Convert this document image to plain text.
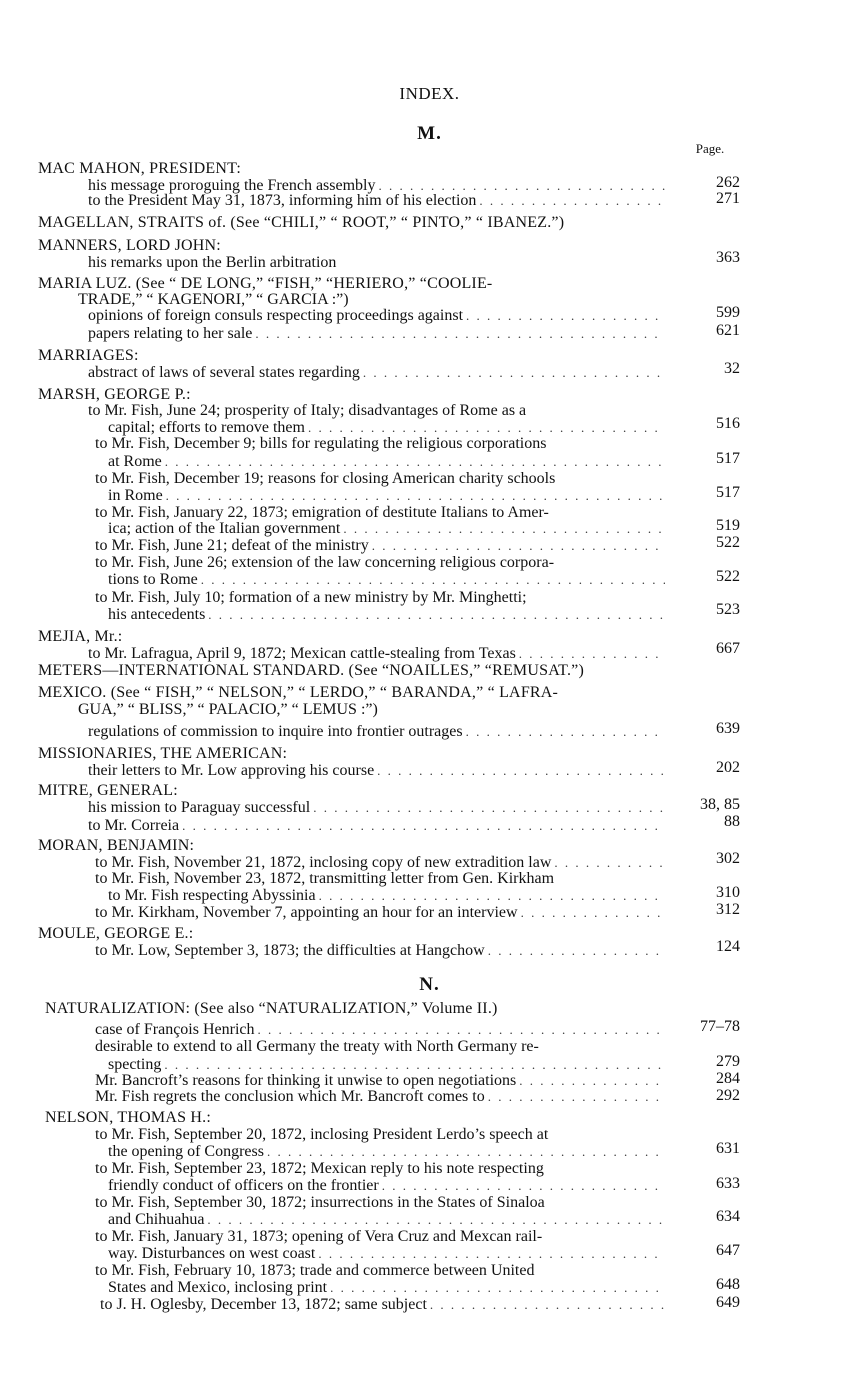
INDEX.
M.
Page.
MAC MAHON, PRESIDENT:
his message proroguing the French assembly . . .	262
to the President May 31, 1873, informing him of his election . . .	271
MAGELLAN, STRAITS of. (See “CHILI,” “ ROOT,” “ PINTO,” “ IBANEZ.”)
MANNERS, LORD JOHN:
his remarks upon the Berlin arbitration	363
MARIA LUZ. (See “ DE LONG,” “FISH,” “HERIERO,” “COOLIE-
TRADE,” “ KAGENORI,” “ GARCIA :”)
opinions of foreign consuls respecting proceedings against . . .	599
papers relating to her sale . . .	621
MARRIAGES:
abstract of laws of several states regarding . . .	32
MARSH, GEORGE P.:
to Mr. Fish, June 24; prosperity of Italy; disadvantages of Rome as a
capital; efforts to remove them . . .	516
to Mr. Fish, December 9; bills for regulating the religious corporations
at Rome . . .	517
to Mr. Fish, December 19; reasons for closing American charity schools
in Rome . . .	517
to Mr. Fish, January 22, 1873; emigration of destitute Italians to Amer-
ica; action of the Italian government . . .	519
to Mr. Fish, June 21; defeat of the ministry . . .	522
to Mr. Fish, June 26; extension of the law concerning religious corpora-
tions to Rome . . .	522
to Mr. Fish, July 10; formation of a new ministry by Mr. Minghetti;
his antecedents . . .	523
MEJIA, Mr.:
to Mr. Lafragua, April 9, 1872; Mexican cattle-stealing from Texas . . .	667
METERS—INTERNATIONAL STANDARD. (See “NOAILLES,” “REMUSAT.”)
MEXICO. (See “ FISH,” “ NELSON,” “ LERDO,” “ BARANDA,” “ LAFRA-
GUA,” “ BLISS,” “ PALACIO,” “ LEMUS :”)
regulations of commission to inquire into frontier outrages . . .	639
MISSIONARIES, THE AMERICAN:
their letters to Mr. Low approving his course . . .	202
MITRE, GENERAL:
his mission to Paraguay successful . . .	38, 85
to Mr. Correia . . .	88
MORAN, BENJAMIN:
to Mr. Fish, November 21, 1872, inclosing copy of new extradition law . . .	302
to Mr. Fish, November 23, 1872, transmitting letter from Gen. Kirkham
to Mr. Fish respecting Abyssinia . . .	310
to Mr. Kirkham, November 7, appointing an hour for an interview . . .	312
MOULE, GEORGE E.:
to Mr. Low, September 3, 1873; the difficulties at Hangchow . . .	124
N.
NATURALIZATION: (See also “NATURALIZATION,” Volume II.)
case of François Henrich . . .	77–78
desirable to extend to all Germany the treaty with North Germany re-
specting . . .	279
Mr. Bancroft’s reasons for thinking it unwise to open negotiations . . .	284
Mr. Fish regrets the conclusion which Mr. Bancroft comes to . . .	292
NELSON, THOMAS H.:
to Mr. Fish, September 20, 1872, inclosing President Lerdo’s speech at
the opening of Congress . . .	631
to Mr. Fish, September 23, 1872; Mexican reply to his note respecting
friendly conduct of officers on the frontier . . .	633
to Mr. Fish, September 30, 1872; insurrections in the States of Sinaloa
and Chihuahua . . .	634
to Mr. Fish, January 31, 1873; opening of Vera Cruz and Mexcan rail-
way. Disturbances on west coast . . .	647
to Mr. Fish, February 10, 1873; trade and commerce between United
States and Mexico, inclosing print . . .	648
to J. H. Oglesby, December 13, 1872; same subject . . .	649
